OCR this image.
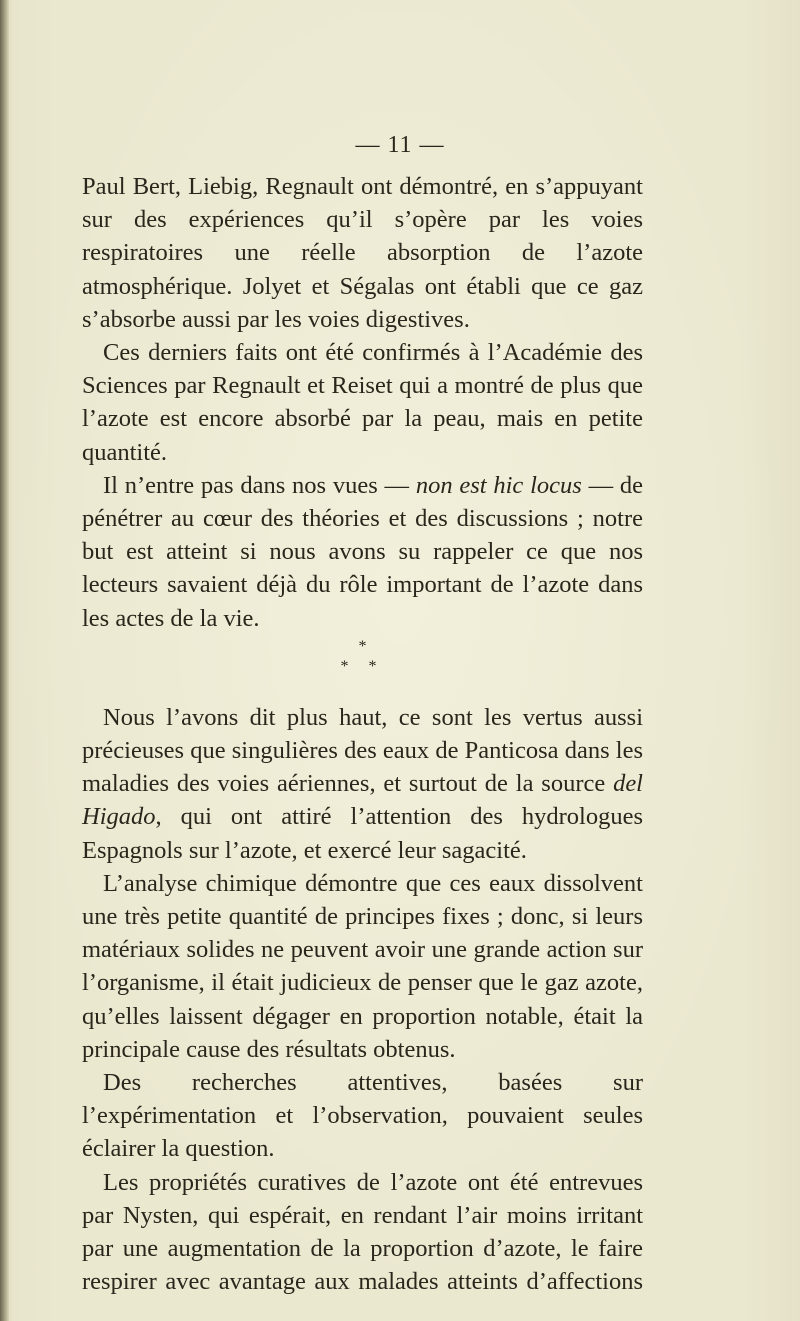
— 11 —

Paul Bert, Liebig, Regnault ont démontré, en s’appuyant sur des expériences qu’il s’opère par les voies respiratoires une réelle absorption de l’azote atmosphérique. Jolyet et Ségalas ont établi que ce gaz s’absorbe aussi par les voies digestives.

Ces derniers faits ont été confirmés à l’Académie des Sciences par Regnault et Reiset qui a montré de plus que l’azote est encore absorbé par la peau, mais en petite quantité.

Il n’entre pas dans nos vues — non est hic locus — de pénétrer au cœur des théories et des discussions ; notre but est atteint si nous avons su rappeler ce que nos lecteurs savaient déjà du rôle important de l’azote dans les actes de la vie.

*
* *

Nous l’avons dit plus haut, ce sont les vertus aussi précieuses que singulières des eaux de Panticosa dans les maladies des voies aériennes, et surtout de la source del Higado, qui ont attiré l’attention des hydrologues Espagnols sur l’azote, et exercé leur sagacité.

L’analyse chimique démontre que ces eaux dissolvent une très petite quantité de principes fixes ; donc, si leurs matériaux solides ne peuvent avoir une grande action sur l’organisme, il était judicieux de penser que le gaz azote, qu’elles laissent dégager en proportion notable, était la principale cause des résultats obtenus.

Des recherches attentives, basées sur l’expérimentation et l’observation, pouvaient seules éclairer la question.

Les propriétés curatives de l’azote ont été entrevues par Nysten, qui espérait, en rendant l’air moins irritant par une augmentation de la proportion d’azote, le faire respirer avec avantage aux malades atteints d’affections
